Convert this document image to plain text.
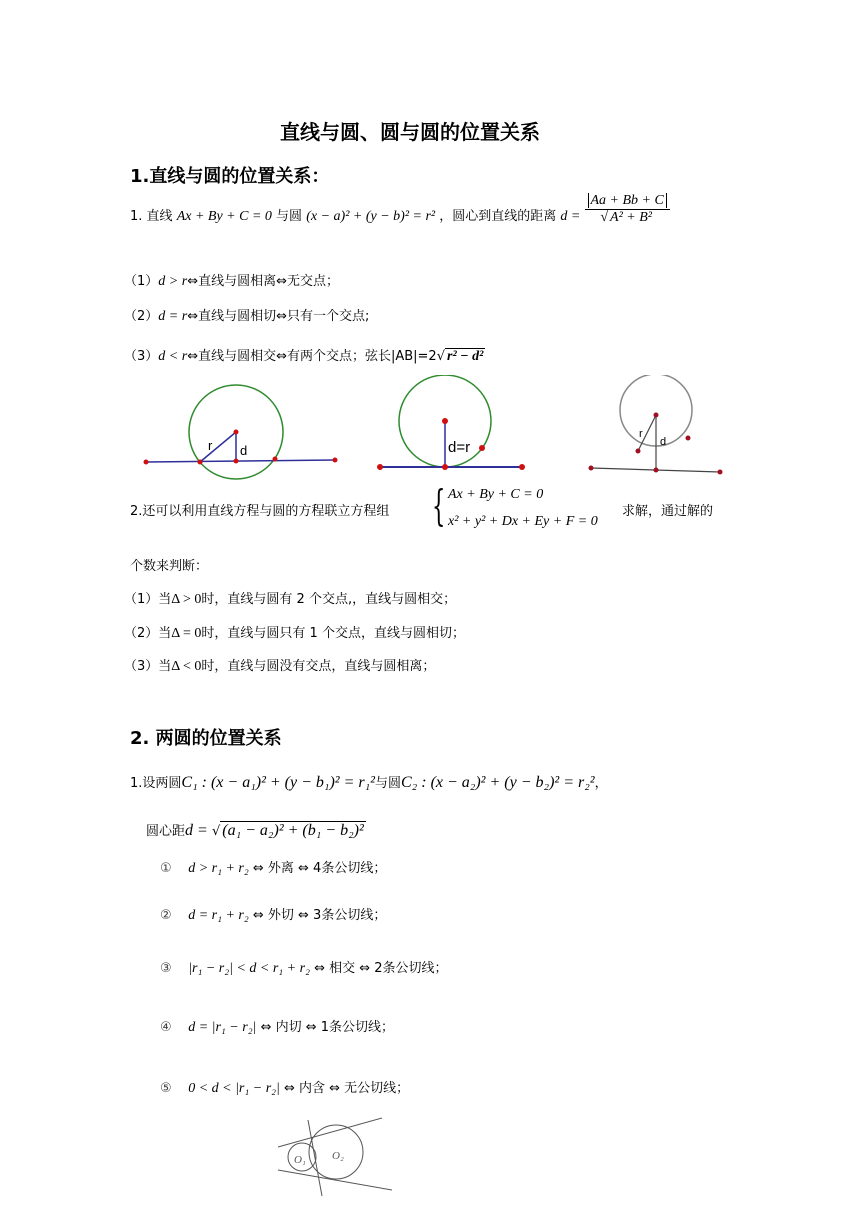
直线与圆、圆与圆的位置关系
1.直线与圆的位置关系：
1. 直线 Ax + By + C = 0 与圆 (x − a)² + (y − b)² = r² ，圆心到直线的距离 $d = \frac{Aa + Bb + C}{\text{√ A² + B²}}$
（1）d > r⇔直线与圆相离⇔无交点；
（2）d = r⇔直线与圆相切⇔只有一个交点;
（3）d < r⇔直线与圆相交⇔有两个交点；弦长|AB|=2√ r² − d²
r d	d=r
r
d
2.还可以利用直线方程与圆的方程联立方程组 { Ax + By + C = 0
x² + y² + Dx + Ey + F = 0
求解，通过解的
个数来判断：
（1）当Δ > 0时，直线与圆有 2 个交点,，直线与圆相交；
（2）当Δ = 0时，直线与圆只有 1 个交点，直线与圆相切；
（3）当Δ < 0时，直线与圆没有交点，直线与圆相离；
2. 两圆的位置关系
1.设两圆C₁ : (x − a₁)² + (y − b₁)² = r₁²与圆C₂ : (x − a₂)² + (y − b₂)² = r₂²，
圆心距d = √ (a₁ − a₂)² + (b₁ − b₂)²
① d > r₁ + r₂ ⇔ 外离 ⇔ 4条公切线；
② d = r₁ + r₂ ⇔ 外切 ⇔ 3条公切线；
③ |r₁ − r₂| < d < r₁ + r₂ ⇔ 相交 ⇔ 2条公切线；
④ d = |r₁ − r₂| ⇔ 内切 ⇔ 1条公切线；
⑤ 0 < d < |r₁ − r₂| ⇔ 内含 ⇔ 无公切线；
O₁ O₂
